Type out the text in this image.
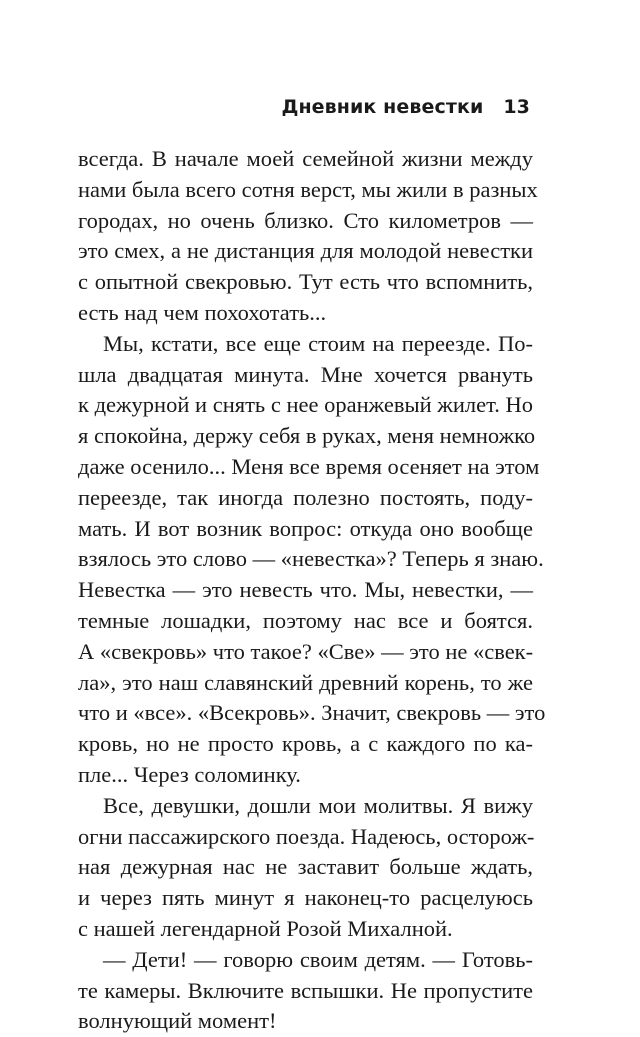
Дневник невестки 13

всегда. В начале моей семейной жизни между
нами была всего сотня верст, мы жили в разных
городах, но очень близко. Сто километров —
это смех, а не дистанция для молодой невестки
с опытной свекровью. Тут есть что вспомнить,
есть над чем похохотать...

Мы, кстати, все еще стоим на переезде. По-
шла двадцатая минута. Мне хочется рвануть
к дежурной и снять с нее оранжевый жилет. Но
я спокойна, держу себя в руках, меня немножко
даже осенило... Меня все время осеняет на этом
переезде, так иногда полезно постоять, поду-
мать. И вот возник вопрос: откуда оно вообще
взялось это слово — «невестка»? Теперь я знаю.
Невестка — это невесть что. Мы, невестки, —
темные лошадки, поэтому нас все и боятся.
А «свекровь» что такое? «Све» — это не «свек-
ла», это наш славянский древний корень, то же
что и «все». «Всекровь». Значит, свекровь — это
кровь, но не просто кровь, а с каждого по ка-
пле... Через соломинку.

Все, девушки, дошли мои молитвы. Я вижу
огни пассажирского поезда. Надеюсь, осторож-
ная дежурная нас не заставит больше ждать,
и через пять минут я наконец-то расцелуюсь
с нашей легендарной Розой Михалной.

— Дети! — говорю своим детям. — Готовь-
те камеры. Включите вспышки. Не пропустите
волнующий момент!
